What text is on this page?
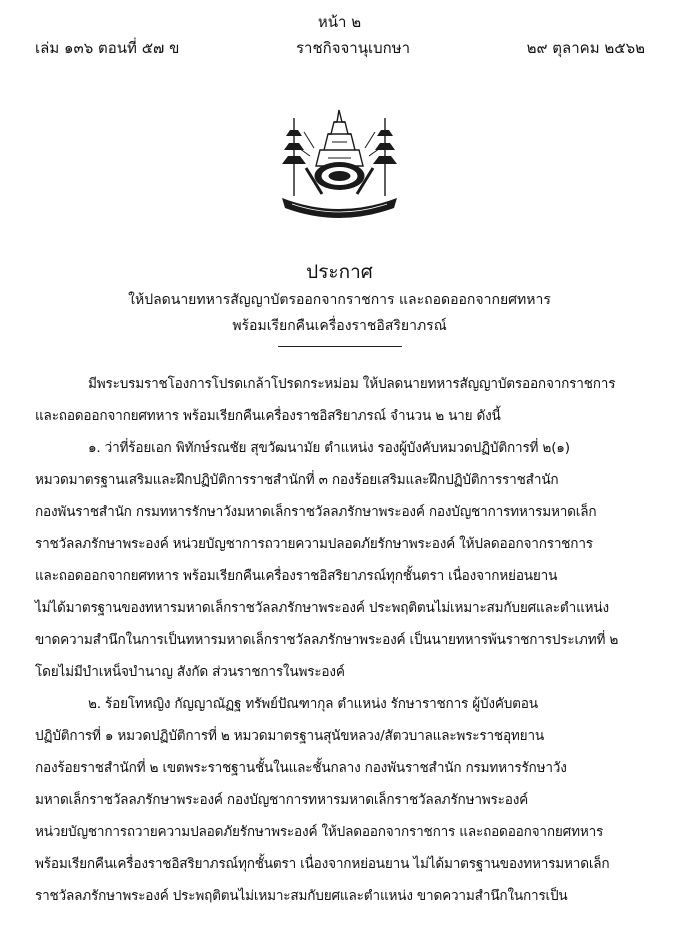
หน้า ๒
เล่ม ๑๓๖ ตอนที่ ๕๗ ข	ราชกิจจานุเบกษา	๒๙ ตุลาคม ๒๕๖๒
ประกาศ
ให้ปลดนายทหารสัญญาบัตรออกจากราชการ และถอดออกจากยศทหาร
พร้อมเรียกคืนเครื่องราชอิสริยาภรณ์
มีพระบรมราชโองการโปรดเกล้าโปรดกระหม่อม ให้ปลดนายทหารสัญญาบัตรออกจากราชการ
และถอดออกจากยศทหาร พร้อมเรียกคืนเครื่องราชอิสริยาภรณ์ จำนวน ๒ นาย ดังนี้
๑. ว่าที่ร้อยเอก พิทักษ์รณชัย สุขวัฒนามัย ตำแหน่ง รองผู้บังคับหมวดปฏิบัติการที่ ๒(๑)
หมวดมาตรฐานเสริมและฝึกปฏิบัติการราชสำนักที่ ๓ กองร้อยเสริมและฝึกปฏิบัติการราชสำนัก
กองพันราชสำนัก กรมทหารรักษาวังมหาดเล็กราชวัลลภรักษาพระองค์ กองบัญชาการทหารมหาดเล็ก
ราชวัลลภรักษาพระองค์ หน่วยบัญชาการถวายความปลอดภัยรักษาพระองค์ ให้ปลดออกจากราชการ
และถอดออกจากยศทหาร พร้อมเรียกคืนเครื่องราชอิสริยาภรณ์ทุกชั้นตรา เนื่องจากหย่อนยาน
ไม่ได้มาตรฐานของทหารมหาดเล็กราชวัลลภรักษาพระองค์ ประพฤติตนไม่เหมาะสมกับยศและตำแหน่ง
ขาดความสำนึกในการเป็นทหารมหาดเล็กราชวัลลภรักษาพระองค์ เป็นนายทหารพ้นราชการประเภทที่ ๒
โดยไม่มีบำเหน็จบำนาญ สังกัด ส่วนราชการในพระองค์
๒. ร้อยโทหญิง กัญญาณัฏฐ ทรัพย์ปัณฑากุล ตำแหน่ง รักษาราชการ ผู้บังคับตอน
ปฏิบัติการที่ ๑ หมวดปฏิบัติการที่ ๒ หมวดมาตรฐานสุนัขหลวง/สัตวบาลและพระราชอุทยาน
กองร้อยราชสำนักที่ ๒ เขตพระราชฐานชั้นในและชั้นกลาง กองพันราชสำนัก กรมทหารรักษาวัง
มหาดเล็กราชวัลลภรักษาพระองค์ กองบัญชาการทหารมหาดเล็กราชวัลลภรักษาพระองค์
หน่วยบัญชาการถวายความปลอดภัยรักษาพระองค์ ให้ปลดออกจากราชการ และถอดออกจากยศทหาร
พร้อมเรียกคืนเครื่องราชอิสริยาภรณ์ทุกชั้นตรา เนื่องจากหย่อนยาน ไม่ได้มาตรฐานของทหารมหาดเล็ก
ราชวัลลภรักษาพระองค์ ประพฤติตนไม่เหมาะสมกับยศและตำแหน่ง ขาดความสำนึกในการเป็น
